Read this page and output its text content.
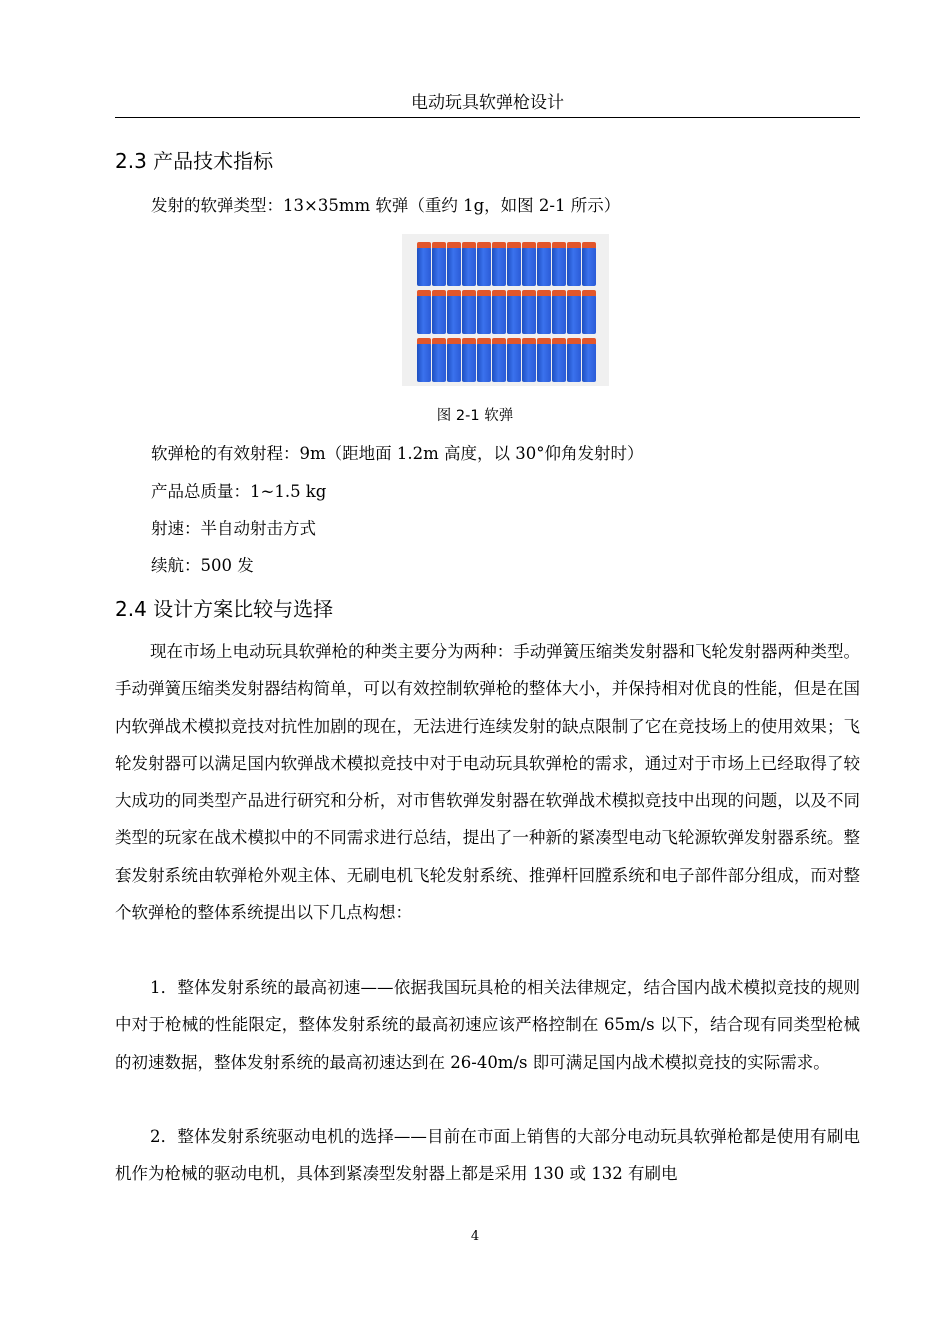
电动玩具软弹枪设计
2.3 产品技术指标
发射的软弹类型：13×35mm 软弹（重约 1g，如图 2-1 所示）
图 2-1 软弹
软弹枪的有效射程：9m（距地面 1.2m 高度，以 30°仰角发射时）
产品总质量：1~1.5 kg
射速：半自动射击方式
续航：500 发
2.4 设计方案比较与选择

现在市场上电动玩具软弹枪的种类主要分为两种：手动弹簧压缩类发射器和飞轮发射器两种类型。手动弹簧压缩类发射器结构简单，可以有效控制软弹枪的整体大小，并保持相对优良的性能，但是在国内软弹战术模拟竞技对抗性加剧的现在，无法进行连续发射的缺点限制了它在竞技场上的使用效果；飞轮发射器可以满足国内软弹战术模拟竞技中对于电动玩具软弹枪的需求，通过对于市场上已经取得了较大成功的同类型产品进行研究和分析，对市售软弹发射器在软弹战术模拟竞技中出现的问题，以及不同类型的玩家在战术模拟中的不同需求进行总结，提出了一种新的紧凑型电动飞轮源软弹发射器系统。整套发射系统由软弹枪外观主体、无刷电机飞轮发射系统、推弹杆回膛系统和电子部件部分组成，而对整个软弹枪的整体系统提出以下几点构想：

1．整体发射系统的最高初速——依据我国玩具枪的相关法律规定，结合国内战术模拟竞技的规则中对于枪械的性能限定，整体发射系统的最高初速应该严格控制在 65m/s 以下，结合现有同类型枪械的初速数据，整体发射系统的最高初速达到在 26-40m/s 即可满足国内战术模拟竞技的实际需求。

2．整体发射系统驱动电机的选择——目前在市面上销售的大部分电动玩具软弹枪都是使用有刷电机作为枪械的驱动电机，具体到紧凑型发射器上都是采用 130 或 132 有刷电

4
